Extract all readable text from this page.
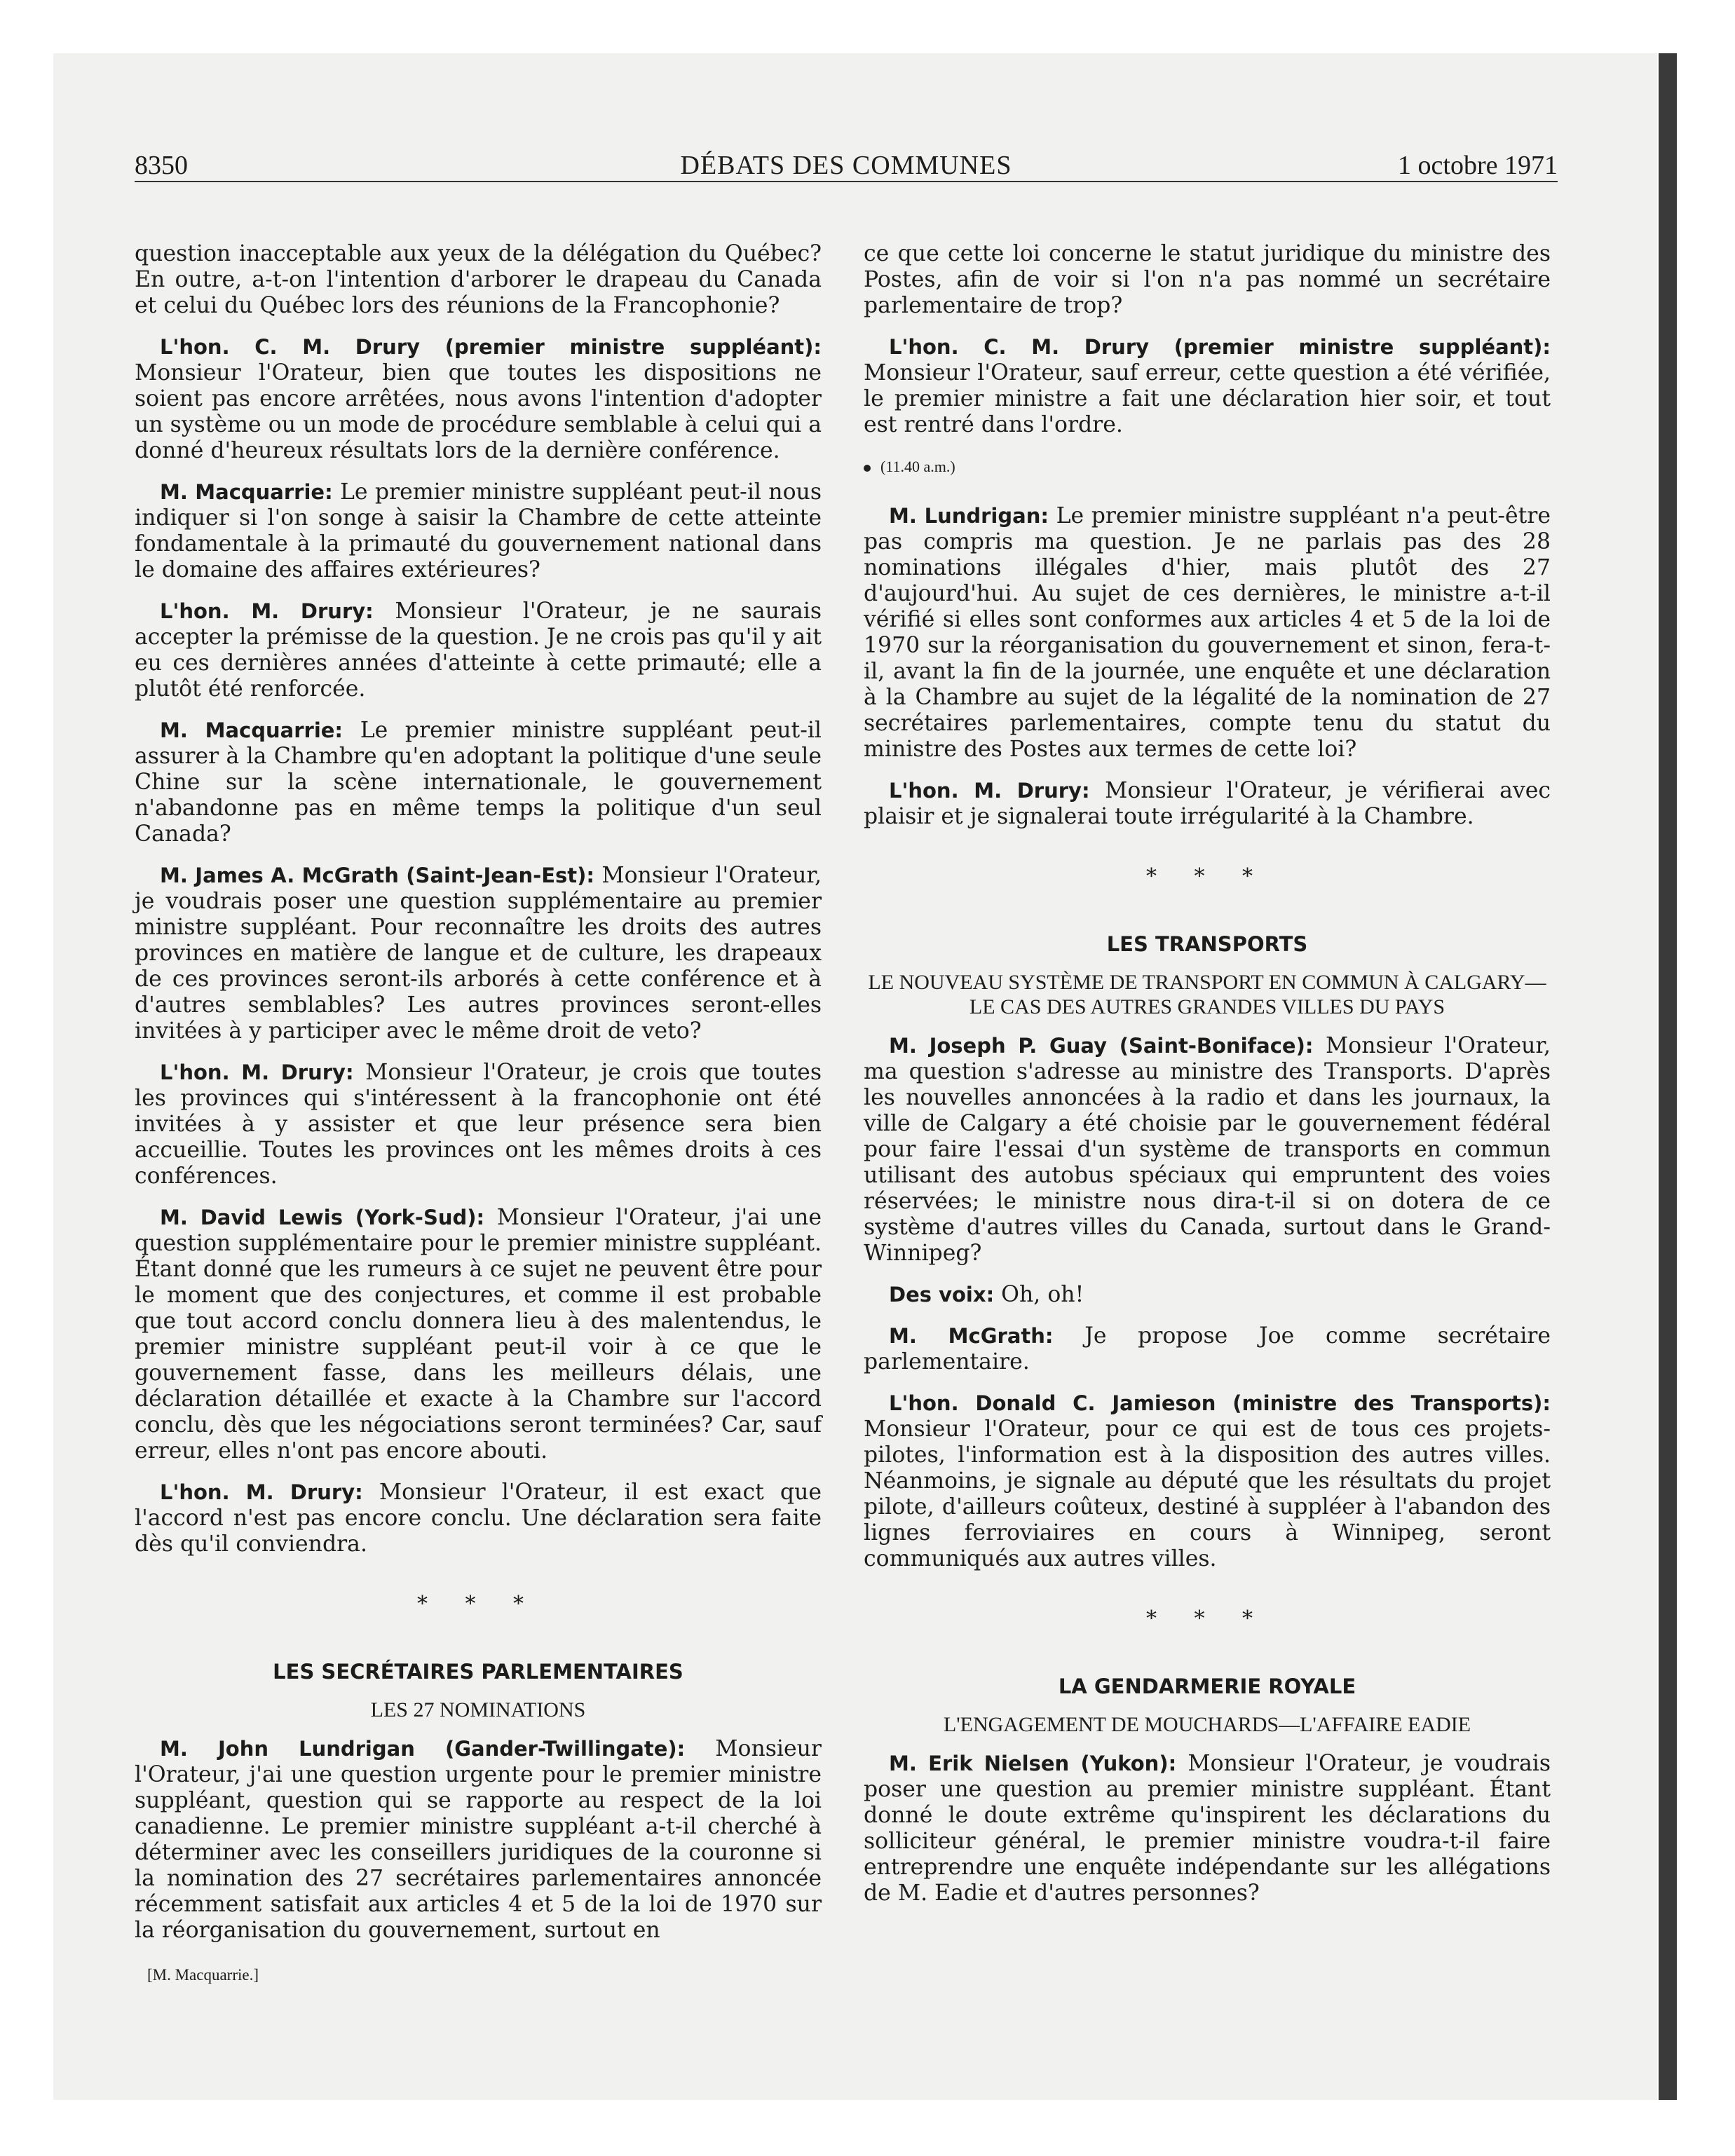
8350	DÉBATS DES COMMUNES	1 octobre 1971

question inacceptable aux yeux de la délégation du Québec? En outre, a-t-on l'intention d'arborer le drapeau du Canada et celui du Québec lors des réunions de la Francophonie?

L'hon. C. M. Drury (premier ministre suppléant): Monsieur l'Orateur, bien que toutes les dispositions ne soient pas encore arrêtées, nous avons l'intention d'adopter un système ou un mode de procédure semblable à celui qui a donné d'heureux résultats lors de la dernière conférence.

M. Macquarrie: Le premier ministre suppléant peut-il nous indiquer si l'on songe à saisir la Chambre de cette atteinte fondamentale à la primauté du gouvernement national dans le domaine des affaires extérieures?

L'hon. M. Drury: Monsieur l'Orateur, je ne saurais accepter la prémisse de la question. Je ne crois pas qu'il y ait eu ces dernières années d'atteinte à cette primauté; elle a plutôt été renforcée.

M. Macquarrie: Le premier ministre suppléant peut-il assurer à la Chambre qu'en adoptant la politique d'une seule Chine sur la scène internationale, le gouvernement n'abandonne pas en même temps la politique d'un seul Canada?

M. James A. McGrath (Saint-Jean-Est): Monsieur l'Orateur, je voudrais poser une question supplémentaire au premier ministre suppléant. Pour reconnaître les droits des autres provinces en matière de langue et de culture, les drapeaux de ces provinces seront-ils arborés à cette conférence et à d'autres semblables? Les autres provinces seront-elles invitées à y participer avec le même droit de veto?

L'hon. M. Drury: Monsieur l'Orateur, je crois que toutes les provinces qui s'intéressent à la francophonie ont été invitées à y assister et que leur présence sera bien accueillie. Toutes les provinces ont les mêmes droits à ces conférences.

M. David Lewis (York-Sud): Monsieur l'Orateur, j'ai une question supplémentaire pour le premier ministre suppléant. Étant donné que les rumeurs à ce sujet ne peuvent être pour le moment que des conjectures, et comme il est probable que tout accord conclu donnera lieu à des malentendus, le premier ministre suppléant peut-il voir à ce que le gouvernement fasse, dans les meilleurs délais, une déclaration détaillée et exacte à la Chambre sur l'accord conclu, dès que les négociations seront terminées? Car, sauf erreur, elles n'ont pas encore abouti.

L'hon. M. Drury: Monsieur l'Orateur, il est exact que l'accord n'est pas encore conclu. Une déclaration sera faite dès qu'il conviendra.

* * *
LES SECRÉTAIRES PARLEMENTAIRES
LES 27 NOMINATIONS

M. John Lundrigan (Gander-Twillingate): Monsieur l'Orateur, j'ai une question urgente pour le premier ministre suppléant, question qui se rapporte au respect de la loi canadienne. Le premier ministre suppléant a-t-il cherché à déterminer avec les conseillers juridiques de la couronne si la nomination des 27 secrétaires parlementaires annoncée récemment satisfait aux articles 4 et 5 de la loi de 1970 sur la réorganisation du gouvernement, surtout en

[M. Macquarrie.]

ce que cette loi concerne le statut juridique du ministre des Postes, afin de voir si l'on n'a pas nommé un secrétaire parlementaire de trop?

L'hon. C. M. Drury (premier ministre suppléant): Monsieur l'Orateur, sauf erreur, cette question a été vérifiée, le premier ministre a fait une déclaration hier soir, et tout est rentré dans l'ordre.

(11.40 a.m.)

M. Lundrigan: Le premier ministre suppléant n'a peut-être pas compris ma question. Je ne parlais pas des 28 nominations illégales d'hier, mais plutôt des 27 d'aujourd'hui. Au sujet de ces dernières, le ministre a-t-il vérifié si elles sont conformes aux articles 4 et 5 de la loi de 1970 sur la réorganisation du gouvernement et sinon, fera-t-il, avant la fin de la journée, une enquête et une déclaration à la Chambre au sujet de la légalité de la nomination de 27 secrétaires parlementaires, compte tenu du statut du ministre des Postes aux termes de cette loi?

L'hon. M. Drury: Monsieur l'Orateur, je vérifierai avec plaisir et je signalerai toute irrégularité à la Chambre.

* * *
LES TRANSPORTS
LE NOUVEAU SYSTÈME DE TRANSPORT EN COMMUN À CALGARY—LE CAS DES AUTRES GRANDES VILLES DU PAYS

M. Joseph P. Guay (Saint-Boniface): Monsieur l'Orateur, ma question s'adresse au ministre des Transports. D'après les nouvelles annoncées à la radio et dans les journaux, la ville de Calgary a été choisie par le gouvernement fédéral pour faire l'essai d'un système de transports en commun utilisant des autobus spéciaux qui empruntent des voies réservées; le ministre nous dira-t-il si on dotera de ce système d'autres villes du Canada, surtout dans le Grand-Winnipeg?

Des voix: Oh, oh!

M. McGrath: Je propose Joe comme secrétaire parlementaire.

L'hon. Donald C. Jamieson (ministre des Transports): Monsieur l'Orateur, pour ce qui est de tous ces projets-pilotes, l'information est à la disposition des autres villes. Néanmoins, je signale au député que les résultats du projet pilote, d'ailleurs coûteux, destiné à suppléer à l'abandon des lignes ferroviaires en cours à Winnipeg, seront communiqués aux autres villes.

* * *
LA GENDARMERIE ROYALE
L'ENGAGEMENT DE MOUCHARDS—L'AFFAIRE EADIE

M. Erik Nielsen (Yukon): Monsieur l'Orateur, je voudrais poser une question au premier ministre suppléant. Étant donné le doute extrême qu'inspirent les déclarations du solliciteur général, le premier ministre voudra-t-il faire entreprendre une enquête indépendante sur les allégations de M. Eadie et d'autres personnes?
